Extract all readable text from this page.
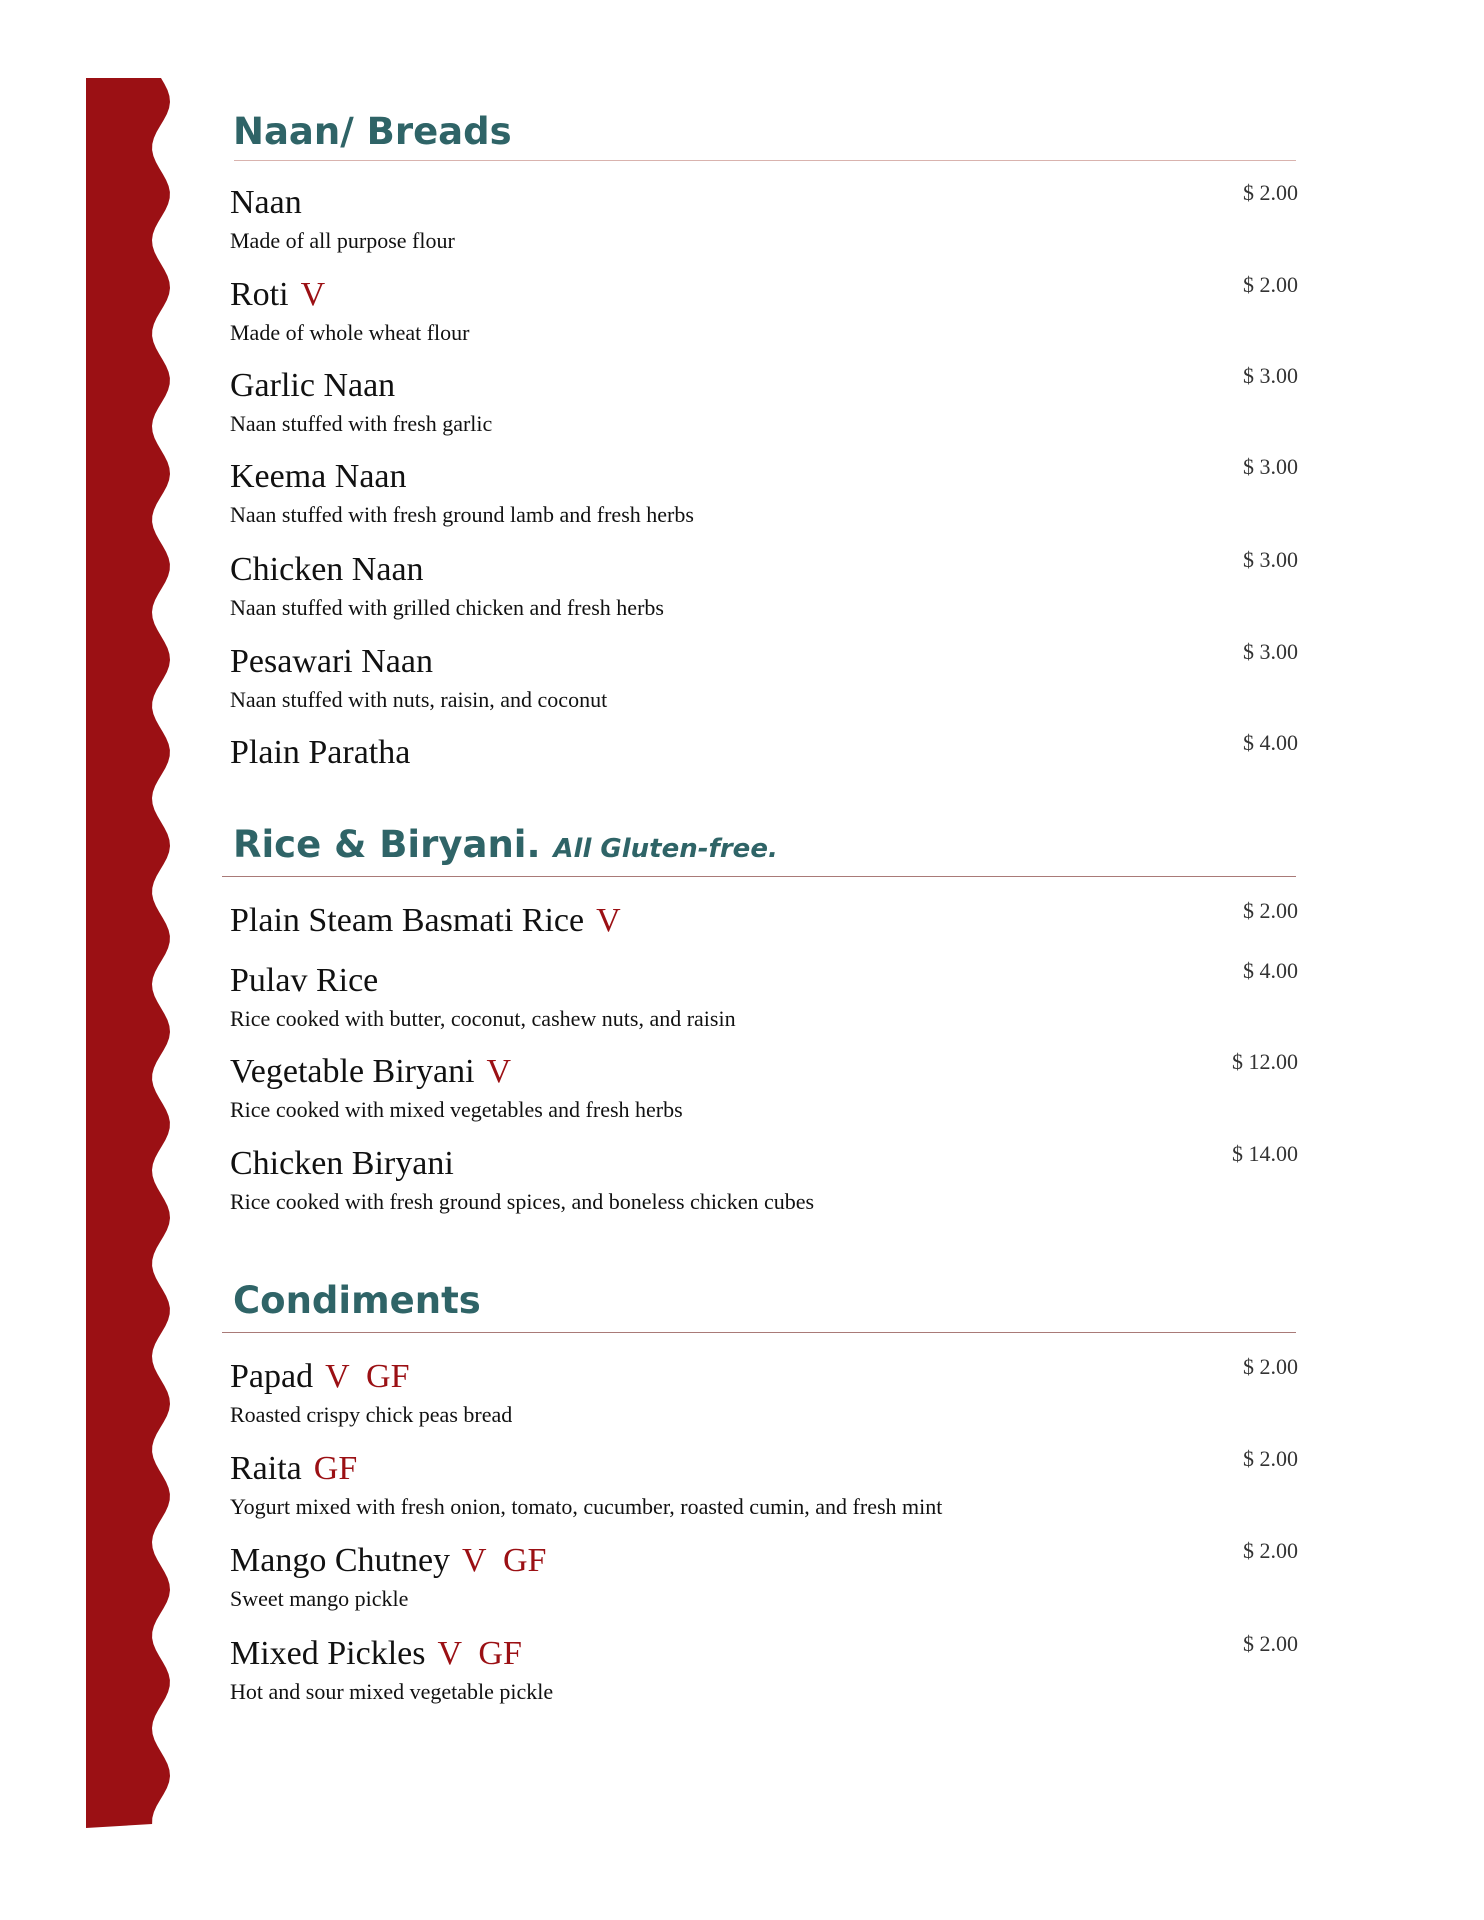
Naan/ Breads
Naan
Made of all purpose flour
$ 2.00
Roti V
Made of whole wheat flour
$ 2.00
Garlic Naan
Naan stuffed with fresh garlic
$ 3.00
Keema Naan
Naan stuffed with fresh ground lamb and fresh herbs
$ 3.00
Chicken Naan
Naan stuffed with grilled chicken and fresh herbs
$ 3.00
Pesawari Naan
Naan stuffed with nuts, raisin, and coconut
$ 3.00
Plain Paratha	$ 4.00
Rice & Biryani. All Gluten-free.
Plain Steam Basmati Rice V	$ 2.00
Pulav Rice
Rice cooked with butter, coconut, cashew nuts, and raisin
$ 4.00
Vegetable Biryani V
Rice cooked with mixed vegetables and fresh herbs
$ 12.00
Chicken Biryani
Rice cooked with fresh ground spices, and boneless chicken cubes
$ 14.00
Condiments
Papad V  GF
Roasted crispy chick peas bread
$ 2.00
Raita GF
Yogurt mixed with fresh onion, tomato, cucumber, roasted cumin, and fresh mint
$ 2.00
Mango Chutney V  GF
Sweet mango pickle
$ 2.00
Mixed Pickles V  GF
Hot and sour mixed vegetable pickle
$ 2.00
